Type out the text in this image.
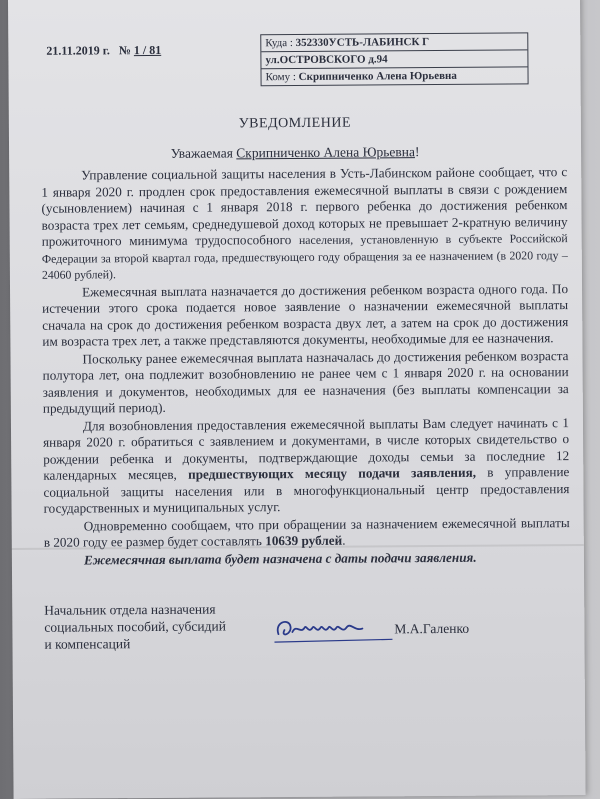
21.11.2019 г. № 1 / 81	Куда : 352330УСТЬ-ЛАБИНСК Г
ул.ОСТРОВСКОГО д.94
Кому : Скрипниченко Алена Юрьевна
УВЕДОМЛЕНИЕ
Уважаемая Скрипниченко Алена Юрьевна!

Управление социальной защиты населения в Усть-Лабинском районе сообщает, что с 1 января 2020 г. продлен срок предоставления ежемесячной выплаты в связи с рождением (усыновлением) начиная с 1 января 2018 г. первого ребенка до достижения ребенком возраста трех лет семьям, среднедушевой доход которых не превышает 2-кратную величину прожиточного минимума трудоспособного населения, установленную в субъекте Российской Федерации за второй квартал года, предшествующего году обращения за ее назначением (в 2020 году – 24060 рублей).

Ежемесячная выплата назначается до достижения ребенком возраста одного года. По истечении этого срока подается новое заявление о назначении ежемесячной выплаты сначала на срок до достижения ребенком возраста двух лет, а затем на срок до достижения им возраста трех лет, а также представляются документы, необходимые для ее назначения.

Поскольку ранее ежемесячная выплата назначалась до достижения ребенком возраста полутора лет, она подлежит возобновлению не ранее чем с 1 января 2020 г. на основании заявления и документов, необходимых для ее назначения (без выплаты компенсации за предыдущий период).

Для возобновления предоставления ежемесячной выплаты Вам следует начинать с 1 января 2020 г. обратиться с заявлением и документами, в числе которых свидетельство о рождении ребенка и документы, подтверждающие доходы семьи за последние 12 календарных месяцев, предшествующих месяцу подачи заявления, в управление социальной защиты населения или в многофункциональный центр предоставления государственных и муниципальных услуг.

Одновременно сообщаем, что при обращении за назначением ежемесячной выплаты в 2020 году ее размер будет составлять 10639 рублей.

Ежемесячная выплата будет назначена с даты подачи заявления.

Начальник отдела назначения
социальных пособий, субсидий
и компенсаций
М.А.Галенко
